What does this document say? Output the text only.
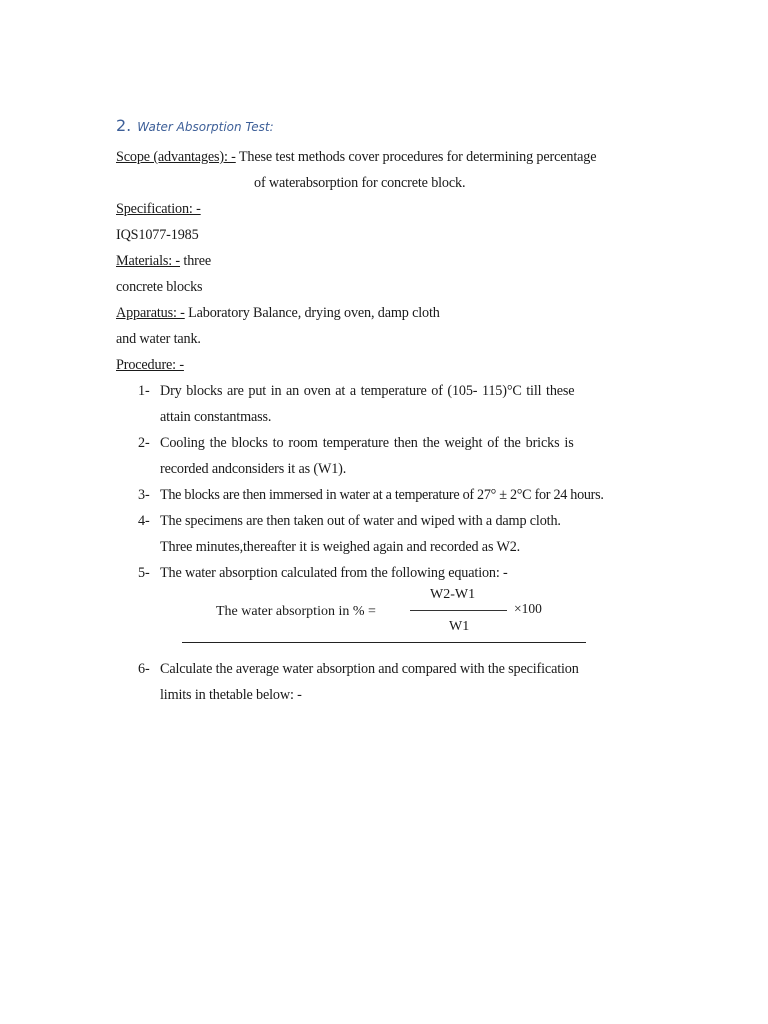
2. Water Absorption Test:
Scope (advantages): - These test methods cover procedures for determining percentage
of waterabsorption for concrete block.
Specification: -
IQS1077-1985
Materials: - three
concrete blocks
Apparatus: - Laboratory Balance, drying oven, damp cloth
and water tank.
Procedure: -
1- Dry blocks are put in an oven at a temperature of (105- 115)°C till these
attain constantmass.
2- Cooling the blocks to room temperature then the weight of the bricks is
recorded andconsiders it as (W1).
3- The blocks are then immersed in water at a temperature of 27° ± 2°C for 24 hours.
4- The specimens are then taken out of water and wiped with a damp cloth.
Three minutes,thereafter it is weighed again and recorded as W2.
5- The water absorption calculated from the following equation: -
The water absorption in % =
W2-W1
W1
×100
6- Calculate the average water absorption and compared with the specification
limits in thetable below: -
